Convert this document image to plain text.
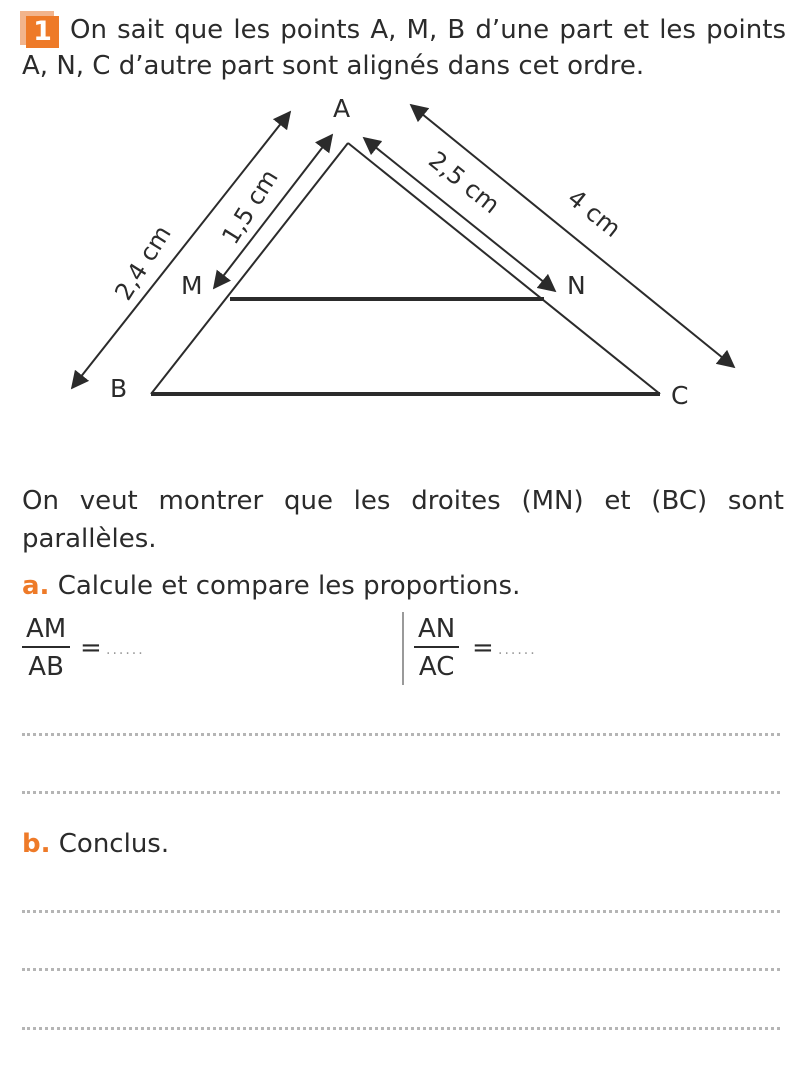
1 On sait que les points A, M, B d’une part et les points A, N, C d’autre part sont alignés dans cet ordre.

A
M
B
N
C
2,4 cm
1,5 cm	2,5 cm 4 cm

On veut montrer que les droites (MN) et (BC) sont parallèles.

a. Calcule et compare les proportions.
AM
AB
= ......
AN
AC
= ......
b. Conclus.
